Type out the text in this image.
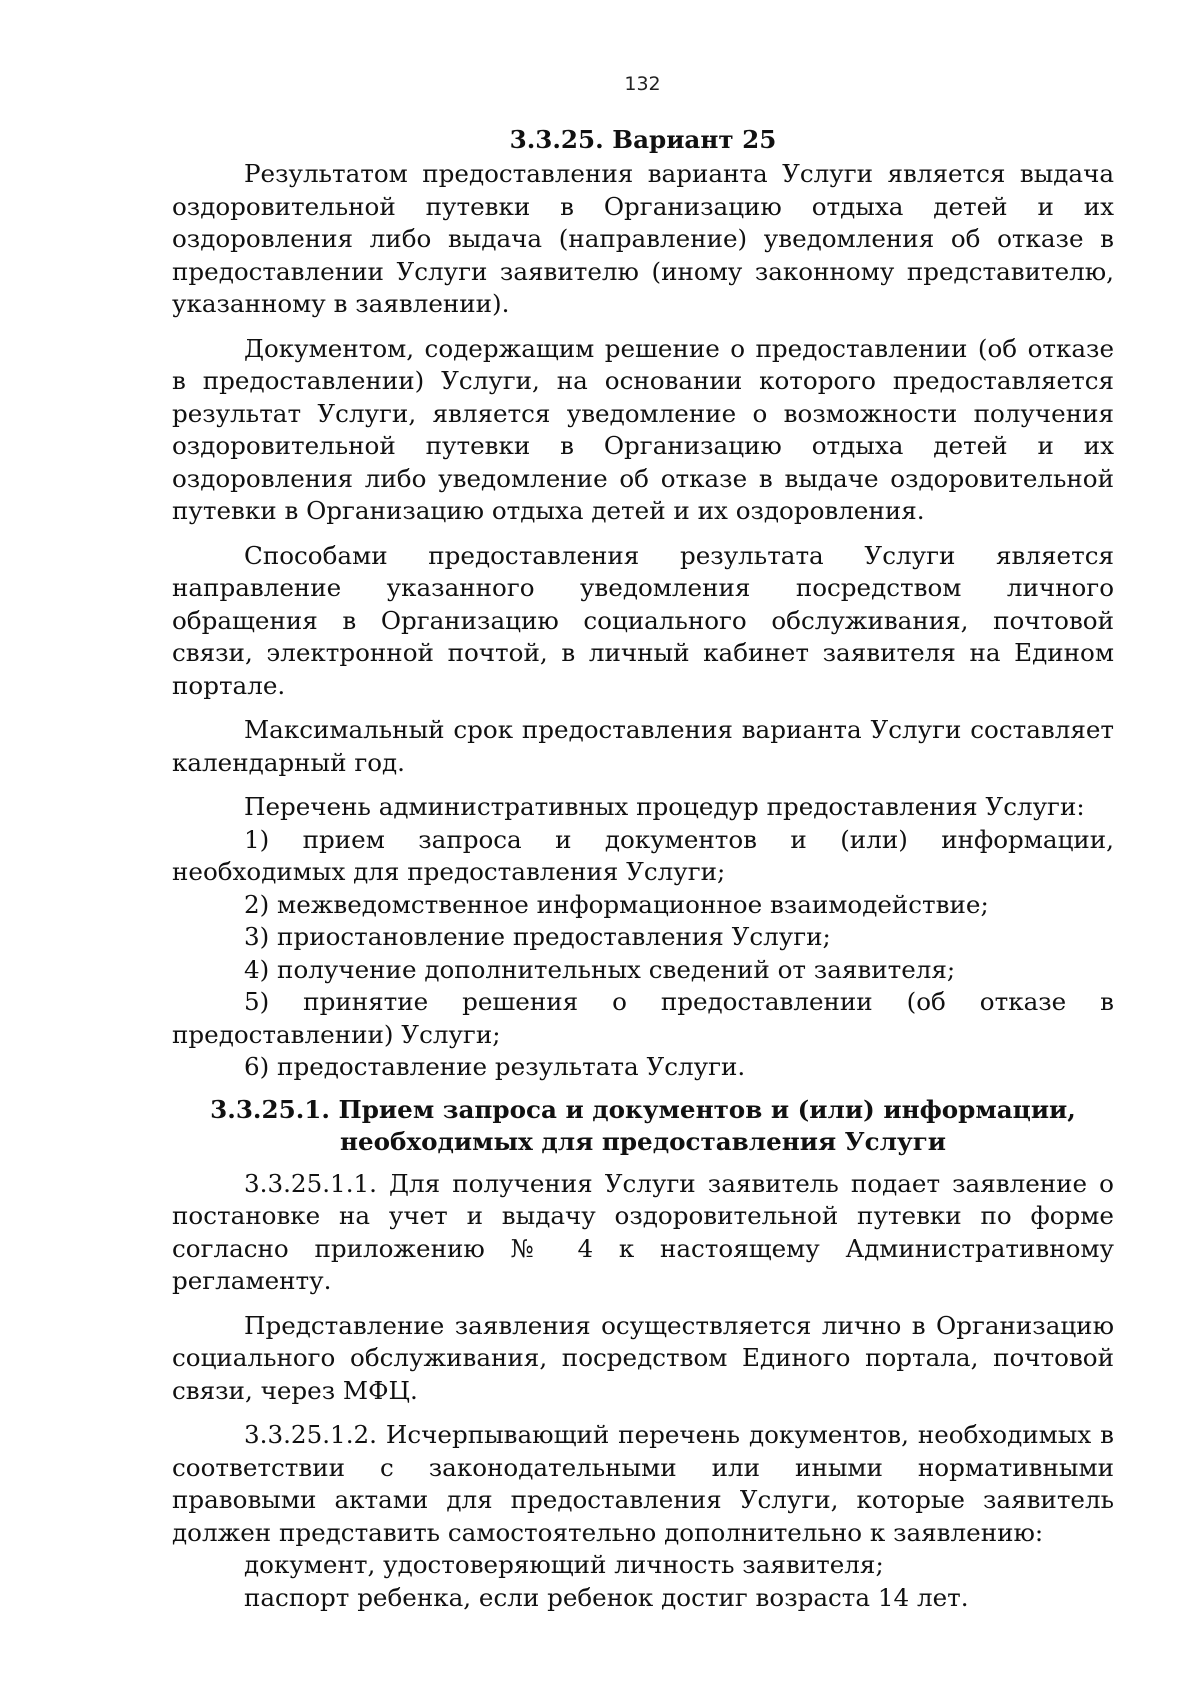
132
3.3.25. Вариант 25

Результатом предоставления варианта Услуги является выдача оздоровительной путевки в Организацию отдыха детей и их оздоровления либо выдача (направление) уведомления об отказе в предоставлении Услуги заявителю (иному законному представителю, указанному в заявлении).

Документом, содержащим решение о предоставлении (об отказе в предоставлении) Услуги, на основании которого предоставляется результат Услуги, является уведомление о возможности получения оздоровительной путевки в Организацию отдыха детей и их оздоровления либо уведомление об отказе в выдаче оздоровительной путевки в Организацию отдыха детей и их оздоровления.

Способами предоставления результата Услуги является направление указанного уведомления посредством личного обращения в Организацию социального обслуживания, почтовой связи, электронной почтой, в личный кабинет заявителя на Едином портале.

Максимальный срок предоставления варианта Услуги составляет календарный год.

Перечень административных процедур предоставления Услуги:

1) прием запроса и документов и (или) информации, необходимых для предоставления Услуги;

2) межведомственное информационное взаимодействие;

3) приостановление предоставления Услуги;

4) получение дополнительных сведений от заявителя;

5) принятие решения о предоставлении (об отказе в предоставлении) Услуги;

6) предоставление результата Услуги.

3.3.25.1. Прием запроса и документов и (или) информации, необходимых для предоставления Услуги

3.3.25.1.1. Для получения Услуги заявитель подает заявление о постановке на учет и выдачу оздоровительной путевки по форме согласно приложению № 4 к настоящему Административному регламенту.

Представление заявления осуществляется лично в Организацию социального обслуживания, посредством Единого портала, почтовой связи, через МФЦ.

3.3.25.1.2. Исчерпывающий перечень документов, необходимых в соответствии с законодательными или иными нормативными правовыми актами для предоставления Услуги, которые заявитель должен представить самостоятельно дополнительно к заявлению:

документ, удостоверяющий личность заявителя;

паспорт ребенка, если ребенок достиг возраста 14 лет.
